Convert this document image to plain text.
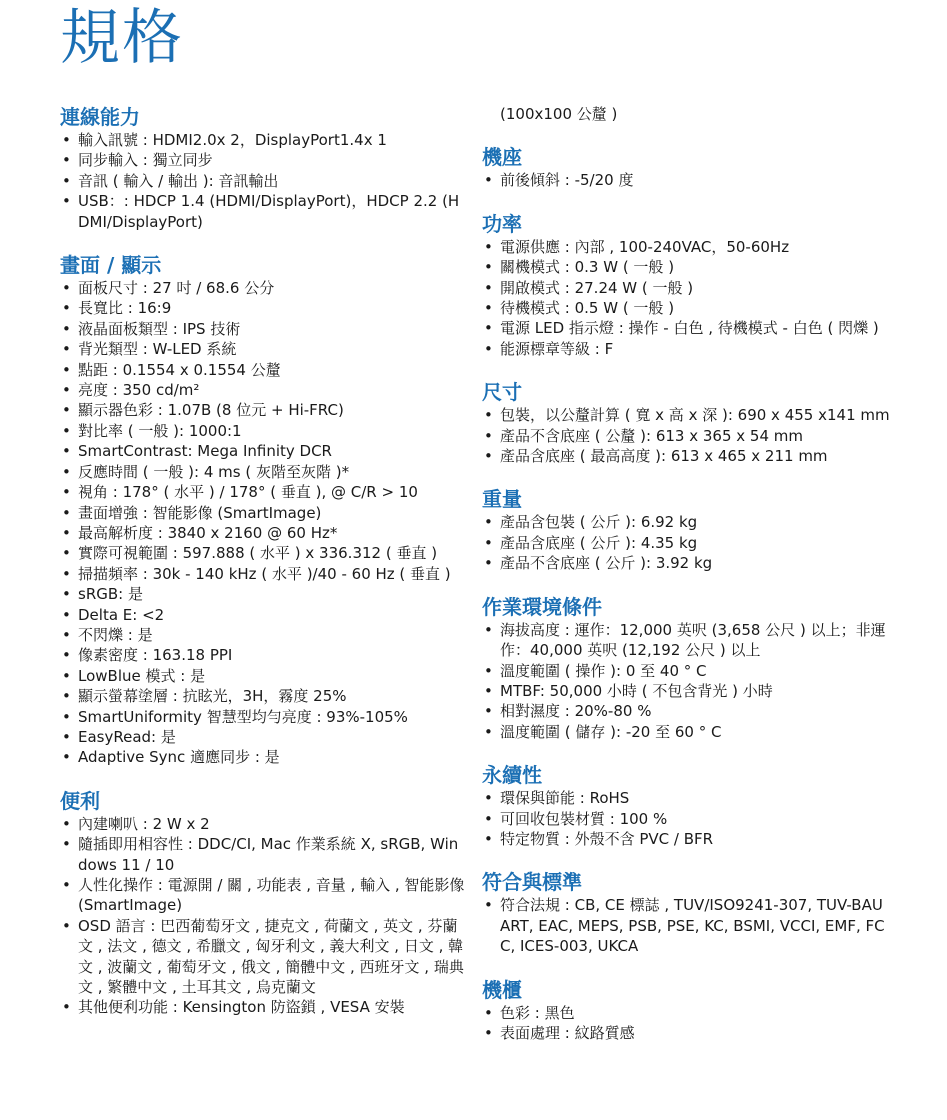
規格
連線能力
• 輸入訊號 : HDMI2.0x 2，DisplayPort1.4x 1
• 同步輸入 : 獨立同步
• 音訊 ( 輸入 / 輸出 ): 音訊輸出
• USB：: HDCP 1.4 (HDMI/DisplayPort)，HDCP 2.2 (HDMI/DisplayPort)
畫面 / 顯示
• 面板尺寸 : 27 吋 / 68.6 公分
• 長寬比 : 16:9
• 液晶面板類型 : IPS 技術
• 背光類型 : W-LED 系統
• 點距 : 0.1554 x 0.1554 公釐
• 亮度 : 350 cd/m²
• 顯示器色彩 : 1.07B (8 位元 + Hi-FRC)
• 對比率 ( 一般 ): 1000:1
• SmartContrast: Mega Infinity DCR
• 反應時間 ( 一般 ): 4 ms ( 灰階至灰階 )*
• 視角 : 178° ( 水平 ) / 178° ( 垂直 ), @ C/R > 10
• 畫面增強 : 智能影像 (SmartImage)
• 最高解析度 : 3840 x 2160 @ 60 Hz*
• 實際可視範圍 : 597.888 ( 水平 ) x 336.312 ( 垂直 )
• 掃描頻率 : 30k - 140 kHz ( 水平 )/40 - 60 Hz ( 垂直 )
• sRGB: 是
• Delta E: <2
• 不閃爍 : 是
• 像素密度 : 163.18 PPI
• LowBlue 模式 : 是
• 顯示螢幕塗層 : 抗眩光，3H，霧度 25%
• SmartUniformity 智慧型均勻亮度 : 93%-105%
• EasyRead: 是
• Adaptive Sync 適應同步 : 是
便利
• 內建喇叭 : 2 W x 2
• 隨插即用相容性 : DDC/CI, Mac 作業系統 X, sRGB, Windows 11 / 10
• 人性化操作 : 電源開 / 關 , 功能表 , 音量 , 輸入 , 智能影像 (SmartImage)
• OSD 語言 : 巴西葡萄牙文 , 捷克文 , 荷蘭文 , 英文 , 芬蘭文 , 法文 , 德文 , 希臘文 , 匈牙利文 , 義大利文 , 日文 , 韓文 , 波蘭文 , 葡萄牙文 , 俄文 , 簡體中文 , 西班牙文 , 瑞典文 , 繁體中文 , 土耳其文 , 烏克蘭文
• 其他便利功能 : Kensington 防盜鎖 , VESA 安裝
(100x100 公釐 )
機座
• 前後傾斜 : -5/20 度
功率
• 電源供應 : 內部 , 100-240VAC，50-60Hz
• 關機模式 : 0.3 W ( 一般 )
• 開啟模式 : 27.24 W ( 一般 )
• 待機模式 : 0.5 W ( 一般 )
• 電源 LED 指示燈 : 操作 - 白色 , 待機模式 - 白色 ( 閃爍 )
• 能源標章等級 : F
尺寸
• 包裝，以公釐計算 ( 寬 x 高 x 深 ): 690 x 455 x141 mm
• 產品不含底座 ( 公釐 ): 613 x 365 x 54 mm
• 產品含底座 ( 最高高度 ): 613 x 465 x 211 mm
重量
• 產品含包裝 ( 公斤 ): 6.92 kg
• 產品含底座 ( 公斤 ): 4.35 kg
• 產品不含底座 ( 公斤 ): 3.92 kg
作業環境條件
• 海拔高度 : 運作：12,000 英呎 (3,658 公尺 ) 以上；非運作：40,000 英呎 (12,192 公尺 ) 以上
• 溫度範圍 ( 操作 ): 0 至 40 ° C
• MTBF: 50,000 小時 ( 不包含背光 ) 小時
• 相對濕度 : 20%-80 %
• 溫度範圍 ( 儲存 ): -20 至 60 ° C
永續性
• 環保與節能 : RoHS
• 可回收包裝材質 : 100 %
• 特定物質 : 外殼不含 PVC / BFR
符合與標準
• 符合法規 : CB, CE 標誌 , TUV/ISO9241-307, TUV-BAUART, EAC, MEPS, PSB, PSE, KC, BSMI, VCCI, EMF, FCC, ICES-003, UKCA
機櫃
• 色彩 : 黑色
• 表面處理 : 紋路質感
